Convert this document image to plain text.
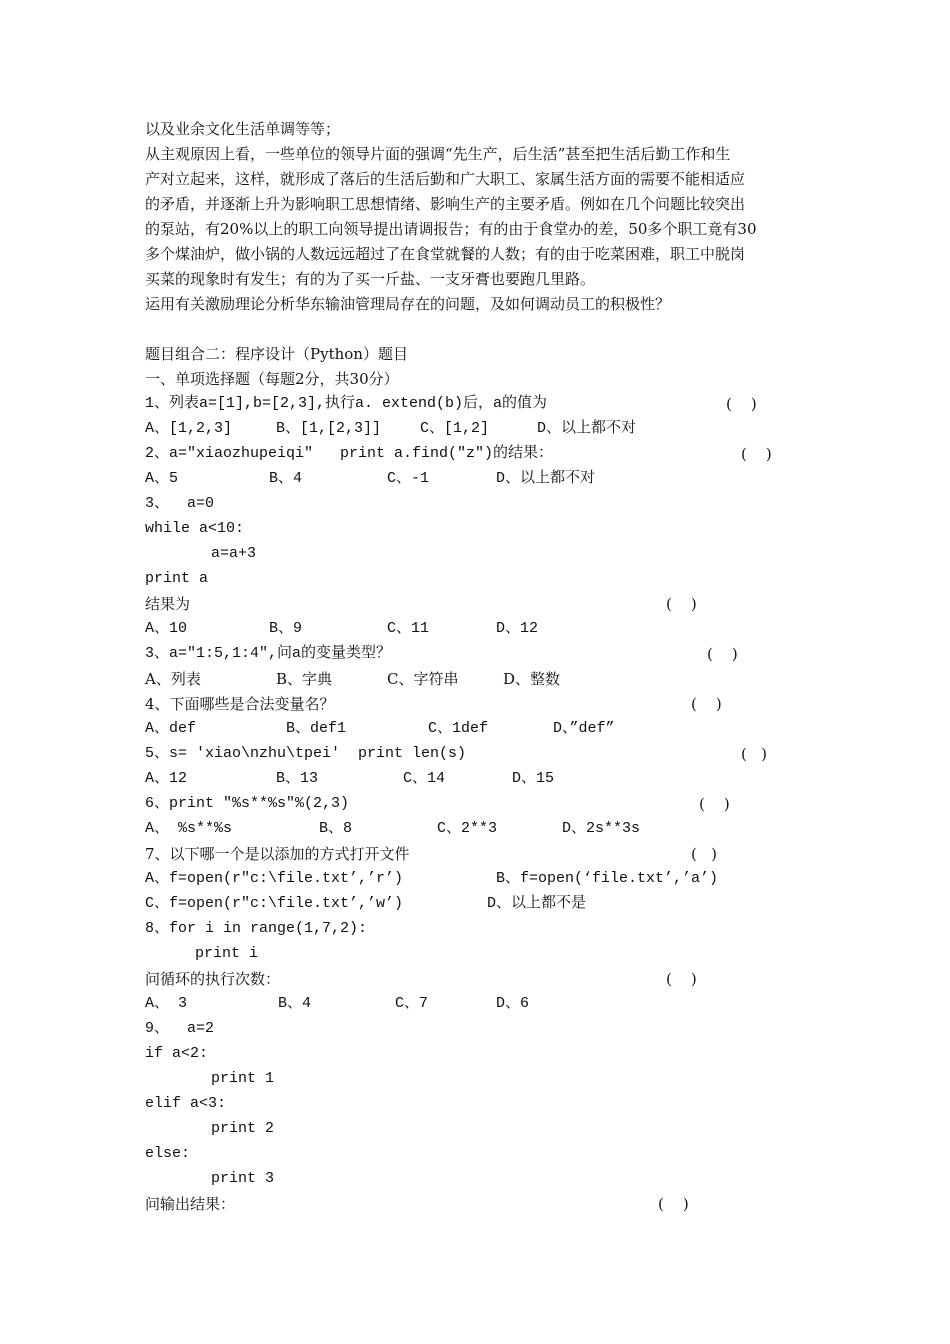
以及业余文化生活单调等等；
从主观原因上看，一些单位的领导片面的强调“先生产，后生活”甚至把生活后勤工作和生
产对立起来，这样，就形成了落后的生活后勤和广大职工、家属生活方面的需要不能相适应
的矛盾，并逐渐上升为影响职工思想情绪、影响生产的主要矛盾。例如在几个问题比较突出
的泵站，有20%以上的职工向领导提出请调报告；有的由于食堂办的差，50多个职工竟有30
多个煤油炉，做小锅的人数远远超过了在食堂就餐的人数；有的由于吃菜困难，职工中脱岗
买菜的现象时有发生；有的为了买一斤盐、一支牙膏也要跑几里路。
运用有关激励理论分析华东输油管理局存在的问题，及如何调动员工的积极性？
题目组合二：程序设计（Python）题目
一、单项选择题（每题2分，共30分）
1、列表a=[1],b=[2,3],执行a. extend(b)后，a的值为	(    )
A、[1,2,3]	B、[1,[2,3]]	C、[1,2]	D、以上都不对
2、a="xiaozhupeiqi"   print a.find("z")的结果：	(    )
A、5	B、4	C、-1	D、以上都不对
3、  a=0
while a<10:
a=a+3
print a
结果为	(    )
A、10	B、9	C、11	D、12
3、a="1:5,1:4",问a的变量类型？	(    )
A、列表	B、字典	C、字符串	D、整数
4、下面哪些是合法变量名？	(    )
A、def	B、def1	C、1def	D、”def”
5、s= 'xiao\nzhu\tpei'  print len(s)	(   )
A、12	B、13	C、14	D、15
6、print "%s**%s"%(2,3)	(    )
A、 %s**%s	B、8	C、2**3	D、2s**3s
7、以下哪一个是以添加的方式打开文件	(   )
A、f=open(r"c:\file.txt’,’r’)	B、f=open(‘file.txt’,’a’)
C、f=open(r"c:\file.txt’,’w’)	D、以上都不是
8、for i in range(1,7,2):
print i
问循环的执行次数：	(    )
A、 3	B、4	C、7	D、6
9、  a=2
if a<2:
print 1
elif a<3:
print 2
else:
print 3
问输出结果：	(    )
